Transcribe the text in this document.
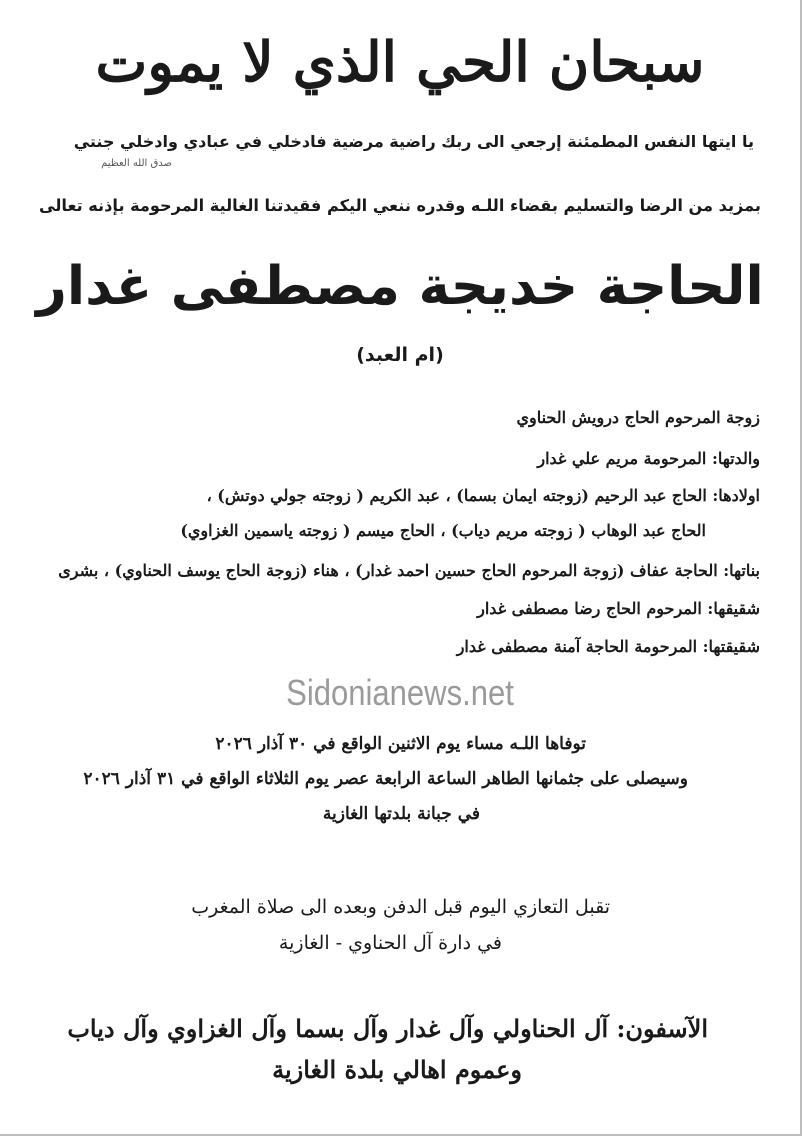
سبحان الحي الذي لا يموت
يا ايتها النفس المطمئنة إرجعي الى ربك راضية مرضية فادخلي في عبادي وادخلي جنتي
صدق الله العظيم
بمزيد من الرضا والتسليم بقضاء اللـه وقدره ننعي اليكم فقيدتنا الغالية المرحومة بإذنه تعالى
الحاجة خديجة مصطفى غدار
(ام العبد)
زوجة المرحوم الحاج درويش الحناوي
والدتها: المرحومة مريم علي غدار
اولادها: الحاج عبد الرحيم (زوجته ايمان بسما) ، عبد الكريم ( زوجته جولي دوتش) ،
الحاج عبد الوهاب ( زوجته مريم دياب) ، الحاج ميسم ( زوجته ياسمين الغزاوي)
بناتها: الحاجة عفاف (زوجة المرحوم الحاج حسين احمد غدار) ، هناء (زوجة الحاج يوسف الحناوي) ، بشرى
شقيقها: المرحوم الحاج رضا مصطفى غدار
شقيقتها: المرحومة الحاجة آمنة مصطفى غدار
Sidonianews.net
توفاها اللـه مساء يوم الاثنين الواقع في ٣٠ آذار ٢٠٢٦
وسيصلى على جثمانها الطاهر الساعة الرابعة عصر يوم الثلاثاء الواقع في ٣١ آذار ٢٠٢٦
في جبانة بلدتها الغازية
تقبل التعازي اليوم قبل الدفن وبعده الى صلاة المغرب
في دارة آل الحناوي - الغازية
الآسفون: آل الحناولي وآل غدار وآل بسما وآل الغزاوي وآل دياب
وعموم اهالي بلدة الغازية
